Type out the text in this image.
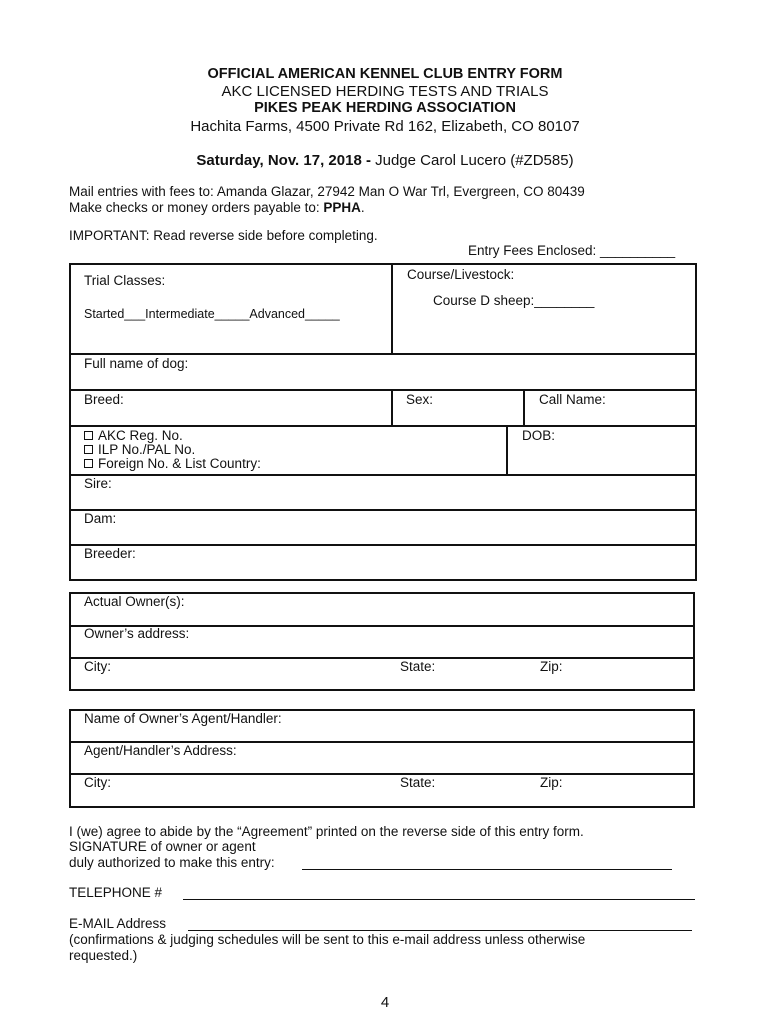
OFFICIAL AMERICAN KENNEL CLUB ENTRY FORM
AKC LICENSED HERDING TESTS AND TRIALS
PIKES PEAK HERDING ASSOCIATION
Hachita Farms, 4500 Private Rd 162, Elizabeth, CO 80107
Saturday, Nov. 17, 2018 - Judge Carol Lucero (#ZD585)
Mail entries with fees to: Amanda Glazar, 27942 Man O War Trl, Evergreen, CO 80439
Make checks or money orders payable to: PPHA.
IMPORTANT: Read reverse side before completing.
Entry Fees Enclosed: __________
Trial Classes:
Started___Intermediate_____Advanced_____
Course/Livestock:
Course D sheep:________
Full name of dog:
Breed:	Sex:	Call Name:
AKC Reg. No.
ILP No./PAL No.
Foreign No. & List Country:
DOB:
Sire:
Dam:
Breeder:
Actual Owner(s):
Owner’s address:
City:	State:	Zip:
Name of Owner’s Agent/Handler:
Agent/Handler’s Address:
City:	State:	Zip:
I (we) agree to abide by the “Agreement” printed on the reverse side of this entry form.
SIGNATURE of owner or agent
duly authorized to make this entry:
TELEPHONE #
E-MAIL Address
(confirmations & judging schedules will be sent to this e-mail address unless otherwise
requested.)
4
